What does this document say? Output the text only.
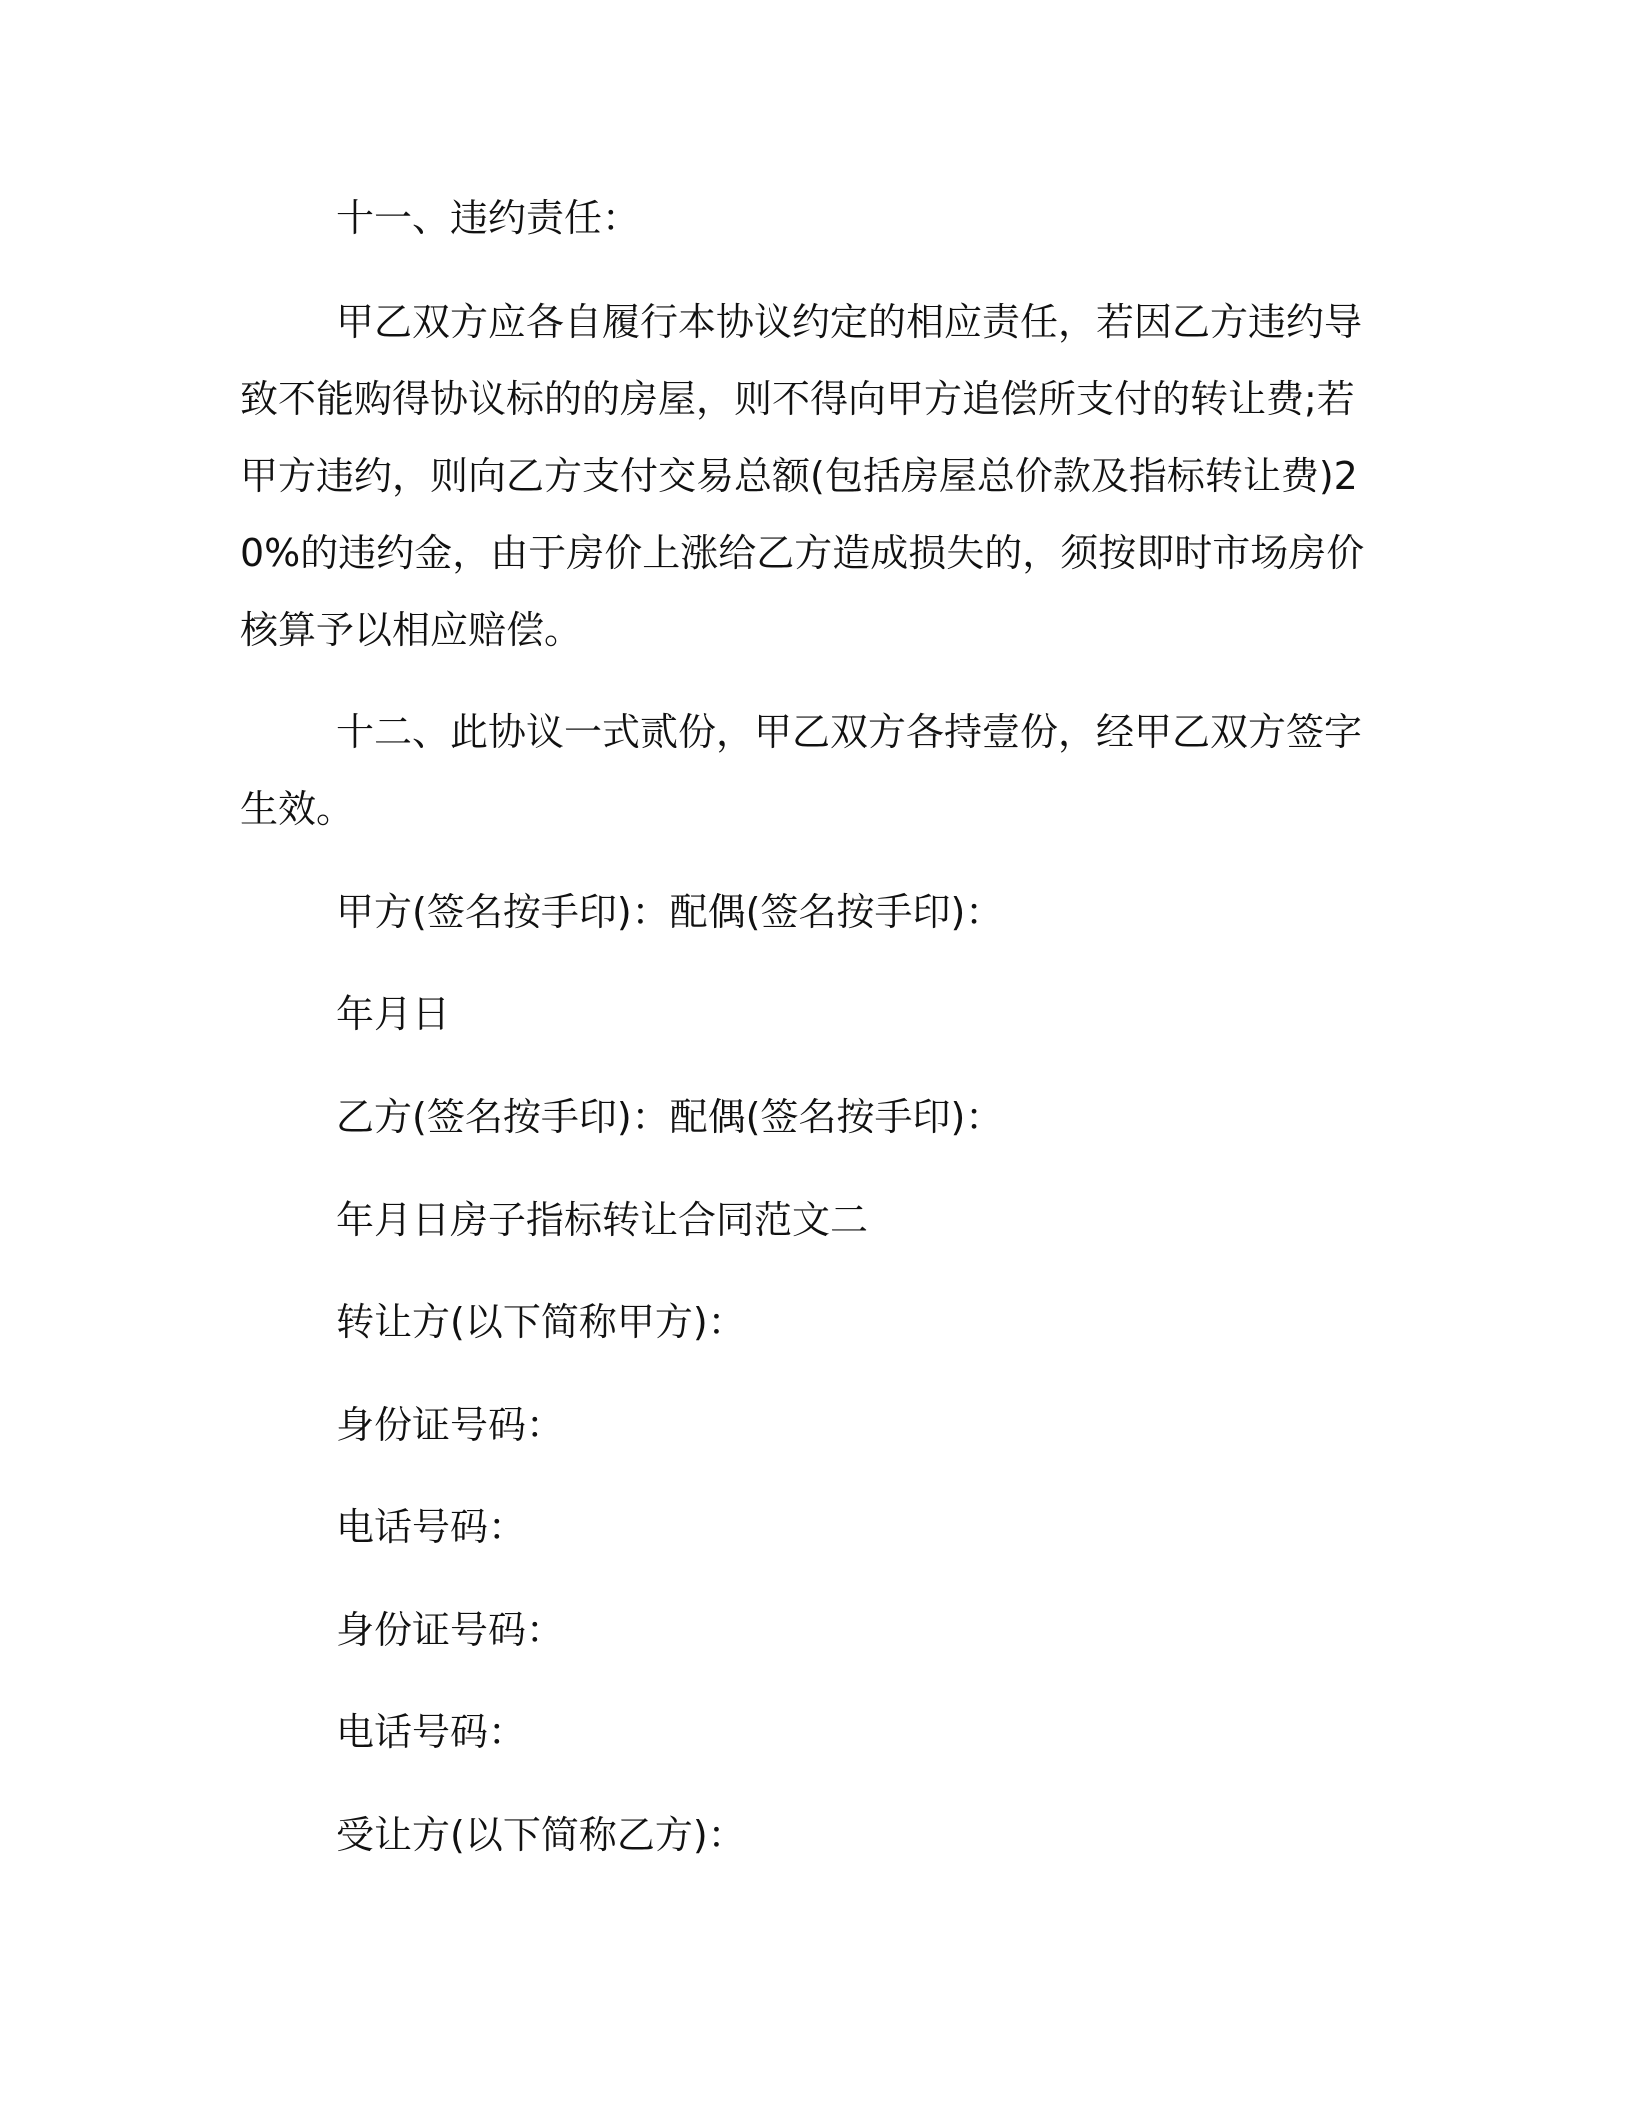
十一、违约责任：

甲乙双方应各自履行本协议约定的相应责任，若因乙方违约导致不能购得协议标的的房屋，则不得向甲方追偿所支付的转让费;若甲方违约，则向乙方支付交易总额(包括房屋总价款及指标转让费)20%的违约金，由于房价上涨给乙方造成损失的，须按即时市场房价核算予以相应赔偿。

十二、此协议一式贰份，甲乙双方各持壹份，经甲乙双方签字生效。

甲方(签名按手印)：配偶(签名按手印)：

年月日

乙方(签名按手印)：配偶(签名按手印)：

年月日房子指标转让合同范文二

转让方(以下简称甲方)：

身份证号码：

电话号码：

身份证号码：

电话号码：

受让方(以下简称乙方)：
